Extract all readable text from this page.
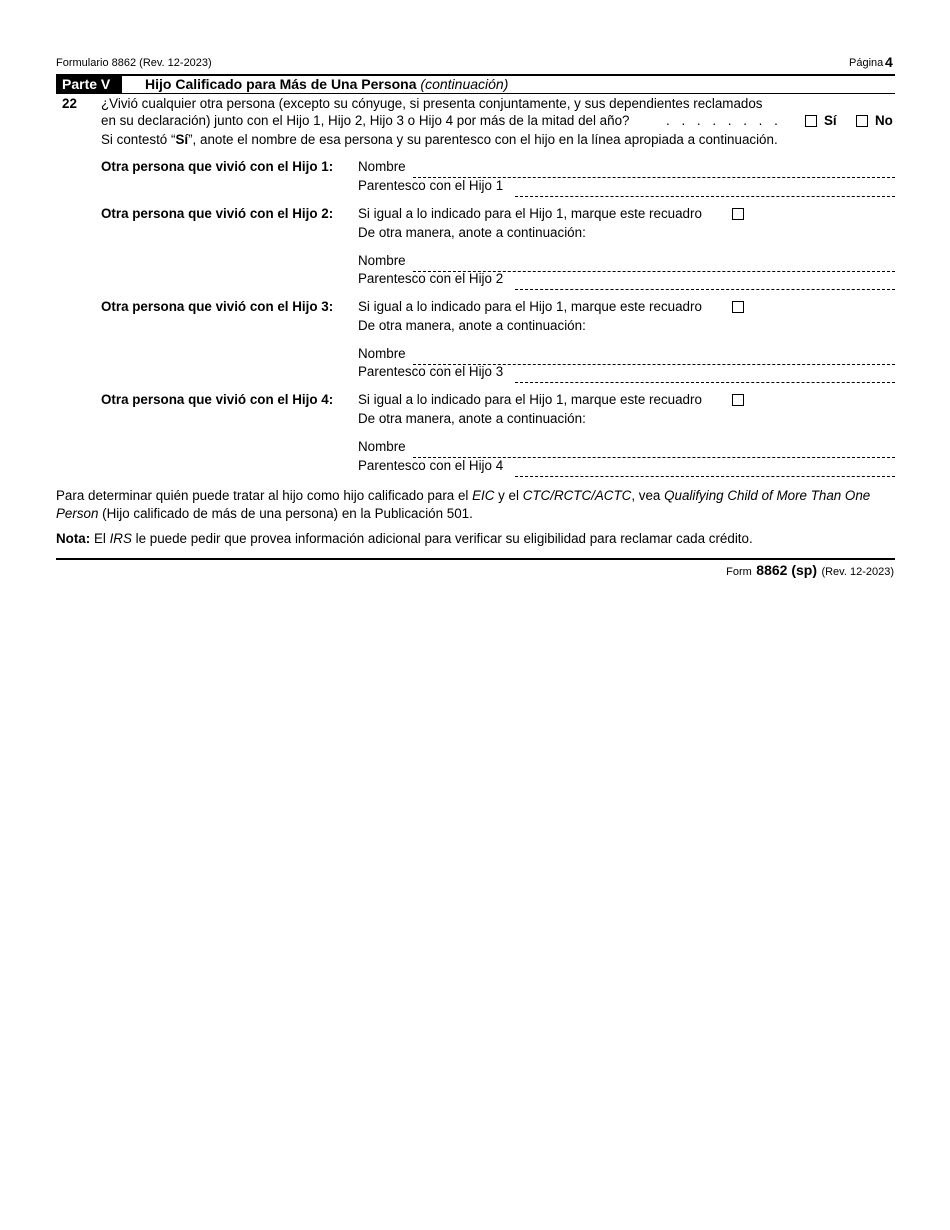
Formulario 8862 (Rev. 12-2023)	Página 4
Parte V	Hijo Calificado para Más de Una Persona (continuación)
22 ¿Vivió cualquier otra persona (excepto su cónyuge, si presenta conjuntamente, y sus dependientes reclamados
en su declaración) junto con el Hijo 1, Hijo 2, Hijo 3 o Hijo 4 por más de la mitad del año?	. . . . . . . .	Sí	No
Si contestó “Sí”, anote el nombre de esa persona y su parentesco con el hijo en la línea apropiada a continuación.
Otra persona que vivió con el Hijo 1: Nombre
Parentesco con el Hijo 1
Otra persona que vivió con el Hijo 2: Si igual a lo indicado para el Hijo 1, marque este recuadro
De otra manera, anote a continuación:
Nombre
Parentesco con el Hijo 2
Otra persona que vivió con el Hijo 3: Si igual a lo indicado para el Hijo 1, marque este recuadro
De otra manera, anote a continuación:
Nombre
Parentesco con el Hijo 3
Otra persona que vivió con el Hijo 4: Si igual a lo indicado para el Hijo 1, marque este recuadro
De otra manera, anote a continuación:
Nombre
Parentesco con el Hijo 4
Para determinar quién puede tratar al hijo como hijo calificado para el EIC y el CTC/RCTC/ACTC, vea Qualifying Child of More Than One Person (Hijo calificado de más de una persona) en la Publicación 501.
Nota: El IRS le puede pedir que provea información adicional para verificar su eligibilidad para reclamar cada crédito.
Form 8862 (sp) (Rev. 12-2023)
